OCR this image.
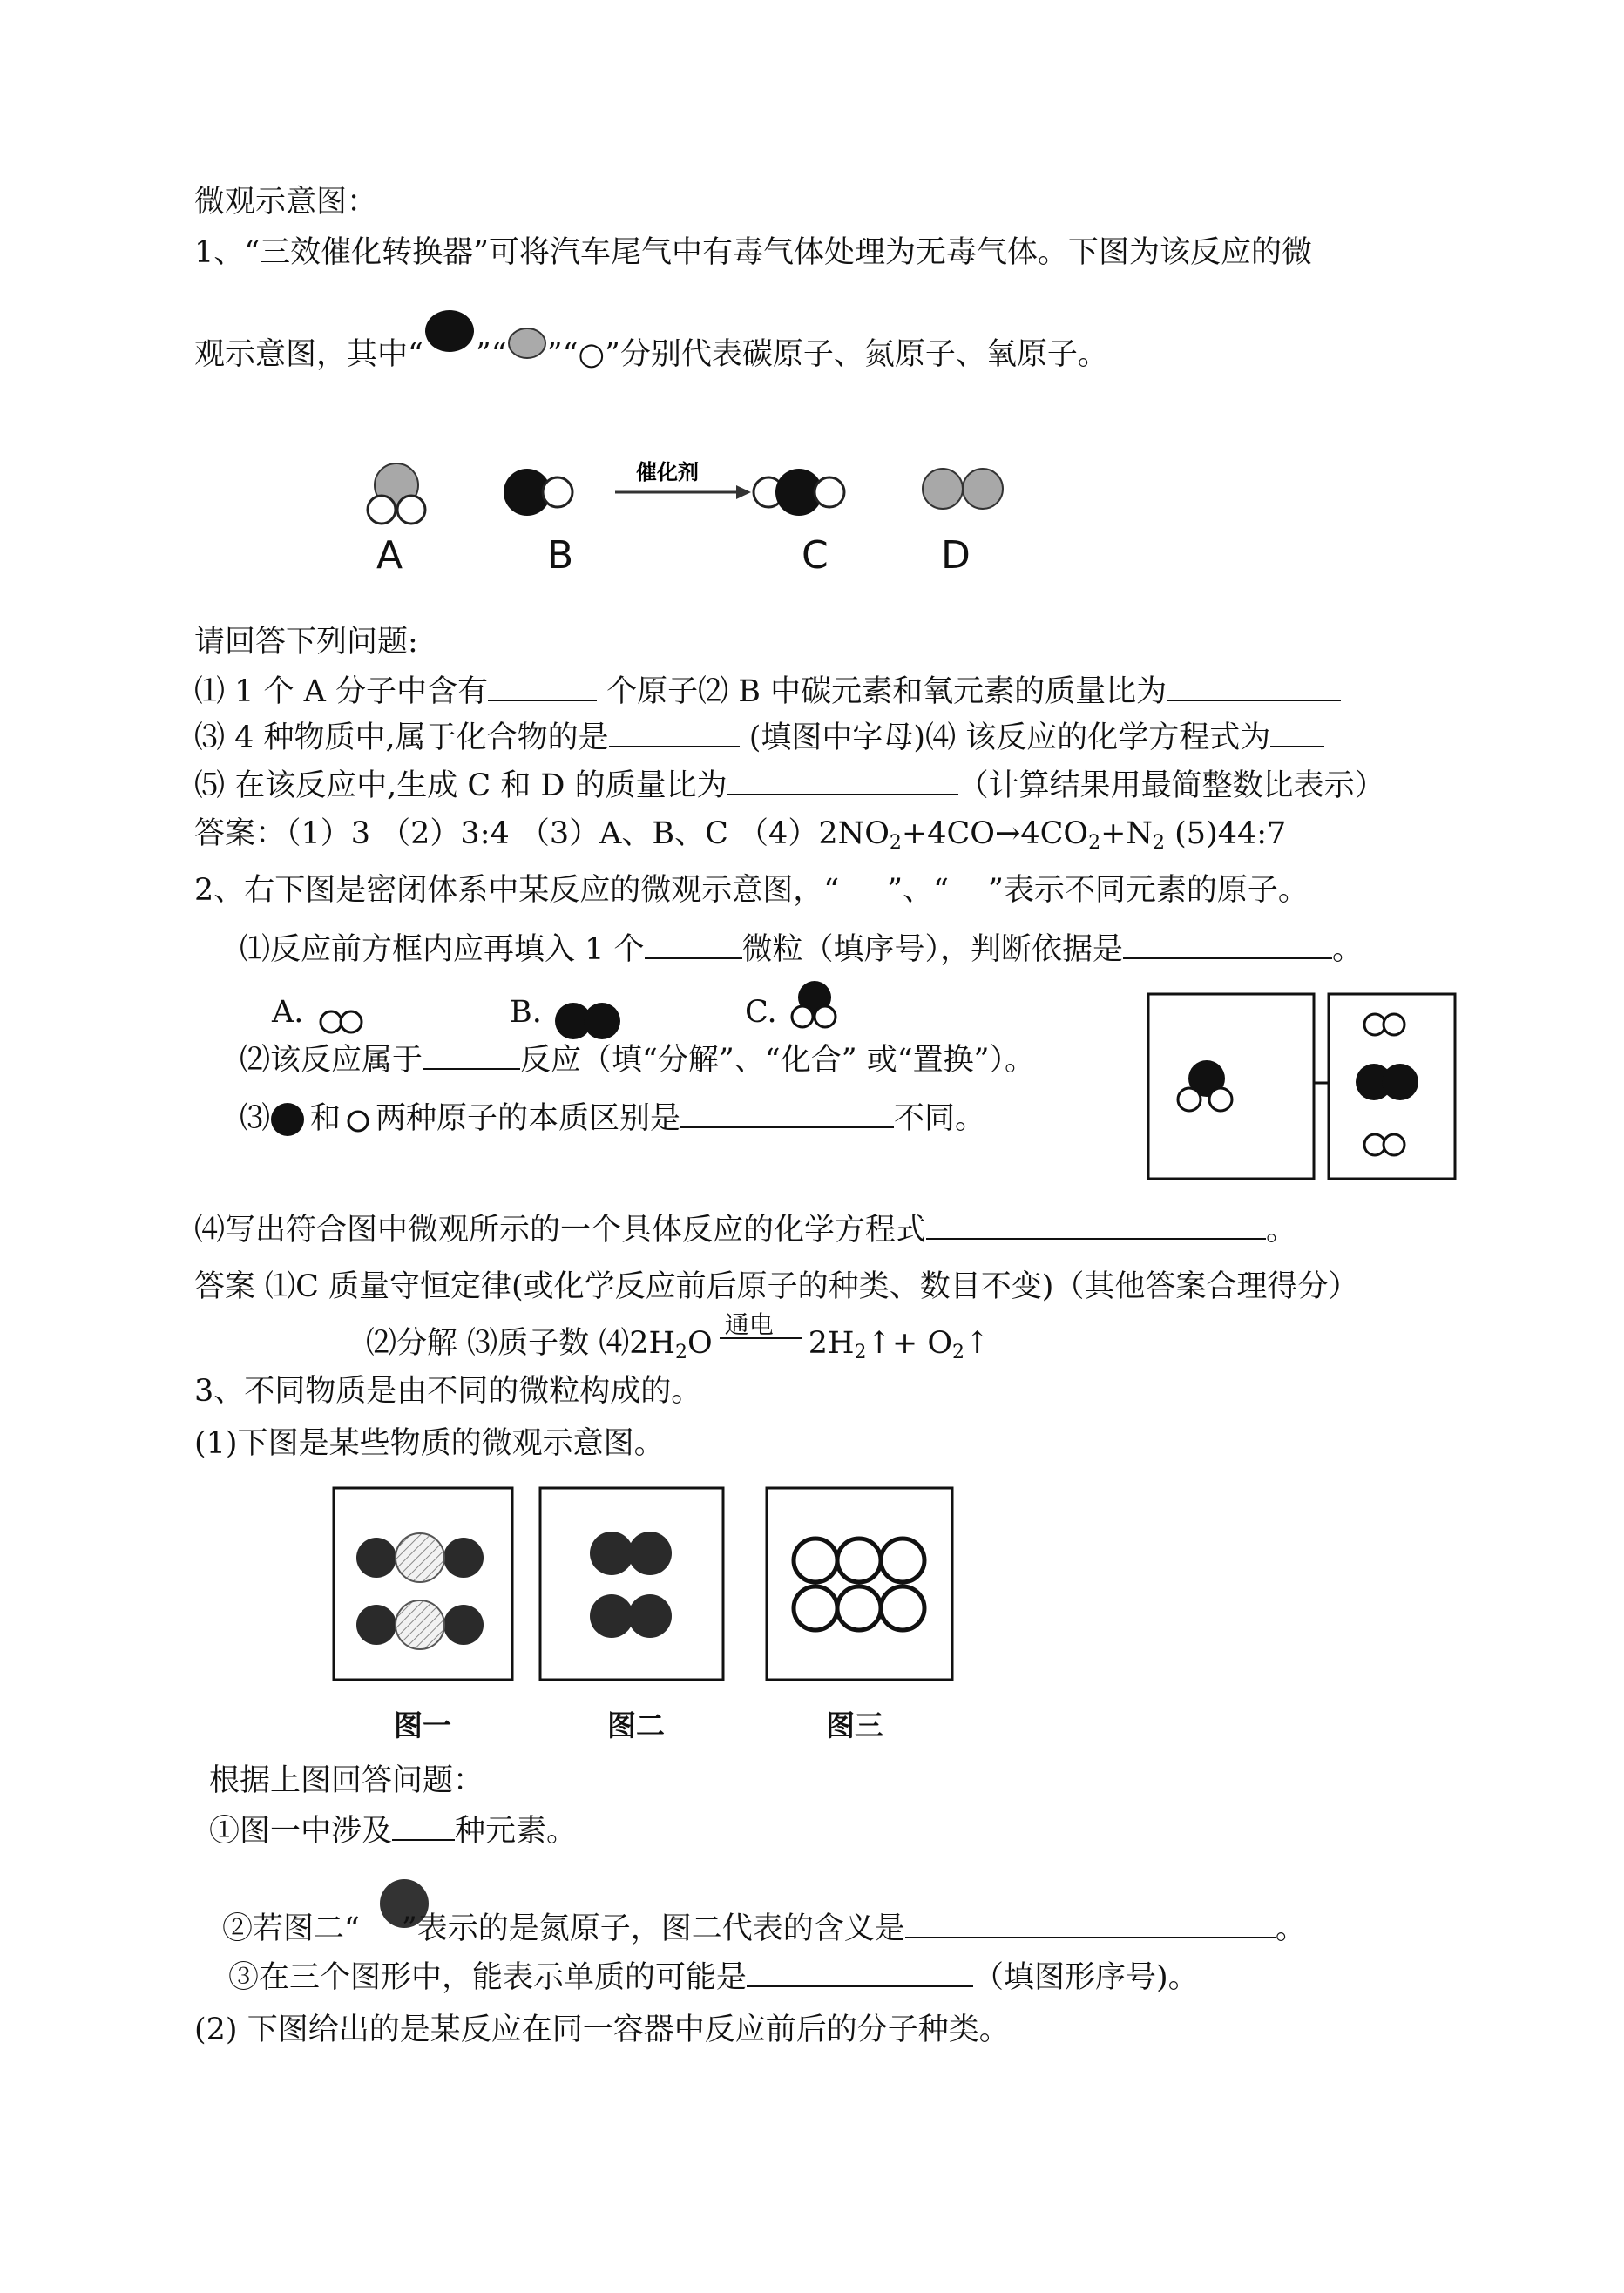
微观示意图：
1、“三效催化转换器”可将汽车尾气中有毒气体处理为无毒气体。下图为该反应的微
观示意图，其中“ ”“ ”“○”分别代表碳原子、氮原子、氧原子。
催化剂
A	B	C	D
请回答下列问题:
⑴ 1 个 A 分子中含有	个原子⑵ B 中碳元素和氧元素的质量比为
⑶ 4 种物质中,属于化合物的是	(填图中字母)⑷ 该反应的化学方程式为
⑸ 在该反应中,生成 C 和 D 的质量比为	（计算结果用最简整数比表示）
答案：（1）3 （2）3:4 （3）A、B、C $(4)2NO_2+4CO\to 4CO_2+N_2$ (5)44:7
2、右下图是密闭体系中某反应的微观示意图，“ ”、“ ”表示不同元素的原子。
⑴反应前方框内应再填入 1 个	微粒（填序号），判断依据是	。
A.	B.	C.
⑵该反应属于	反应（填“分解”、“化合” 或“置换”）。
⑶ 和 两种原子的本质区别是	不同。
⑷写出符合图中微观所示的一个具体反应的化学方程式	。
答案 ⑴C 质量守恒定律(或化学反应前后原子的种类、数目不变)（其他答案合理得分）
⑵分解 ⑶质子数 $⑷2H_2O$
通电
$2H_2↑+$ $O_2↑$
3、不同物质是由不同的微粒构成的。
(1)下图是某些物质的微观示意图。
图一	图二	图三
根据上图回答问题：
①图一中涉及 种元素。
②若图二“ ”表示的是氮原子，图二代表的含义是	。
③在三个图形中，能表示单质的可能是	（填图形序号)。
(2) 下图给出的是某反应在同一容器中反应前后的分子种类。
